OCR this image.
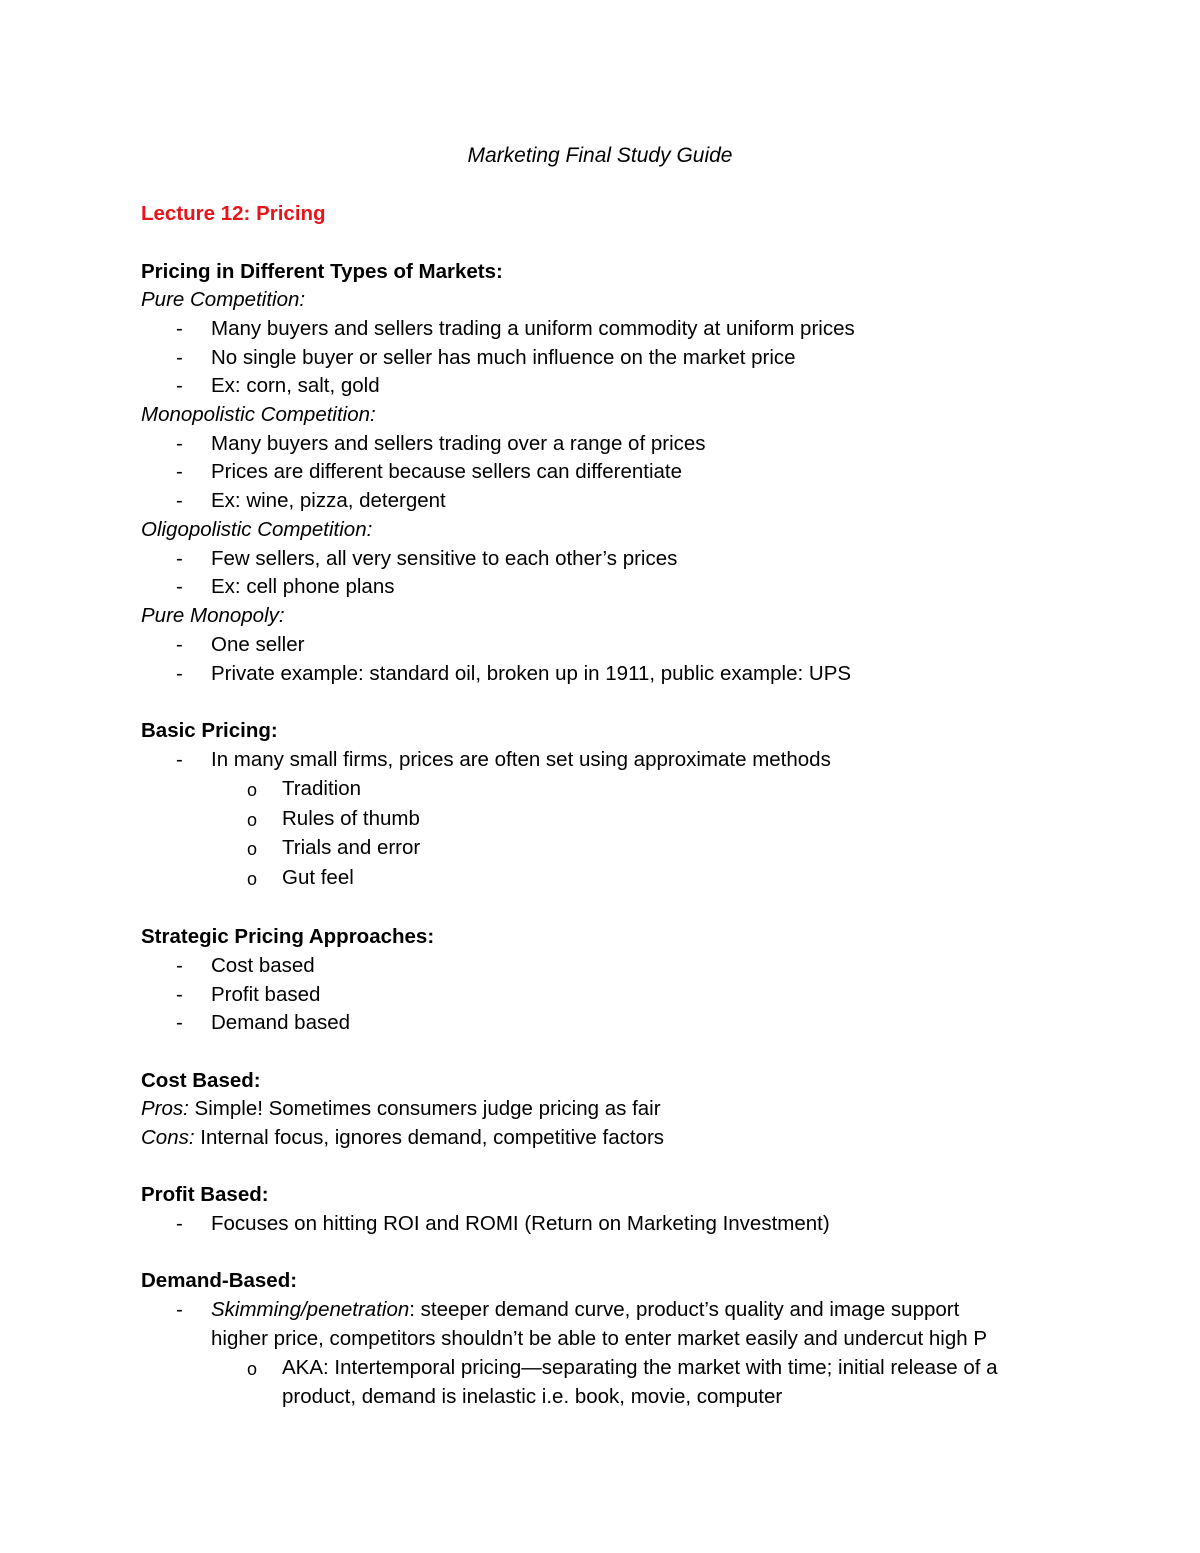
Marketing Final Study Guide
Lecture 12: Pricing
Pricing in Different Types of Markets:
Pure Competition:
- Many buyers and sellers trading a uniform commodity at uniform prices
- No single buyer or seller has much influence on the market price
- Ex: corn, salt, gold
Monopolistic Competition:
- Many buyers and sellers trading over a range of prices
- Prices are different because sellers can differentiate
- Ex: wine, pizza, detergent
Oligopolistic Competition:
- Few sellers, all very sensitive to each other’s prices
- Ex: cell phone plans
Pure Monopoly:
- One seller
- Private example: standard oil, broken up in 1911, public example: UPS
Basic Pricing:
- In many small firms, prices are often set using approximate methods
o Tradition
o Rules of thumb
o Trials and error
o Gut feel
Strategic Pricing Approaches:
- Cost based
- Profit based
- Demand based
Cost Based:
Pros: Simple! Sometimes consumers judge pricing as fair
Cons: Internal focus, ignores demand, competitive factors
Profit Based:
- Focuses on hitting ROI and ROMI (Return on Marketing Investment)
Demand-Based:
- Skimming/penetration: steeper demand curve, product’s quality and image support
higher price, competitors shouldn’t be able to enter market easily and undercut high P
o AKA: Intertemporal pricing—separating the market with time; initial release of a
product, demand is inelastic i.e. book, movie, computer
